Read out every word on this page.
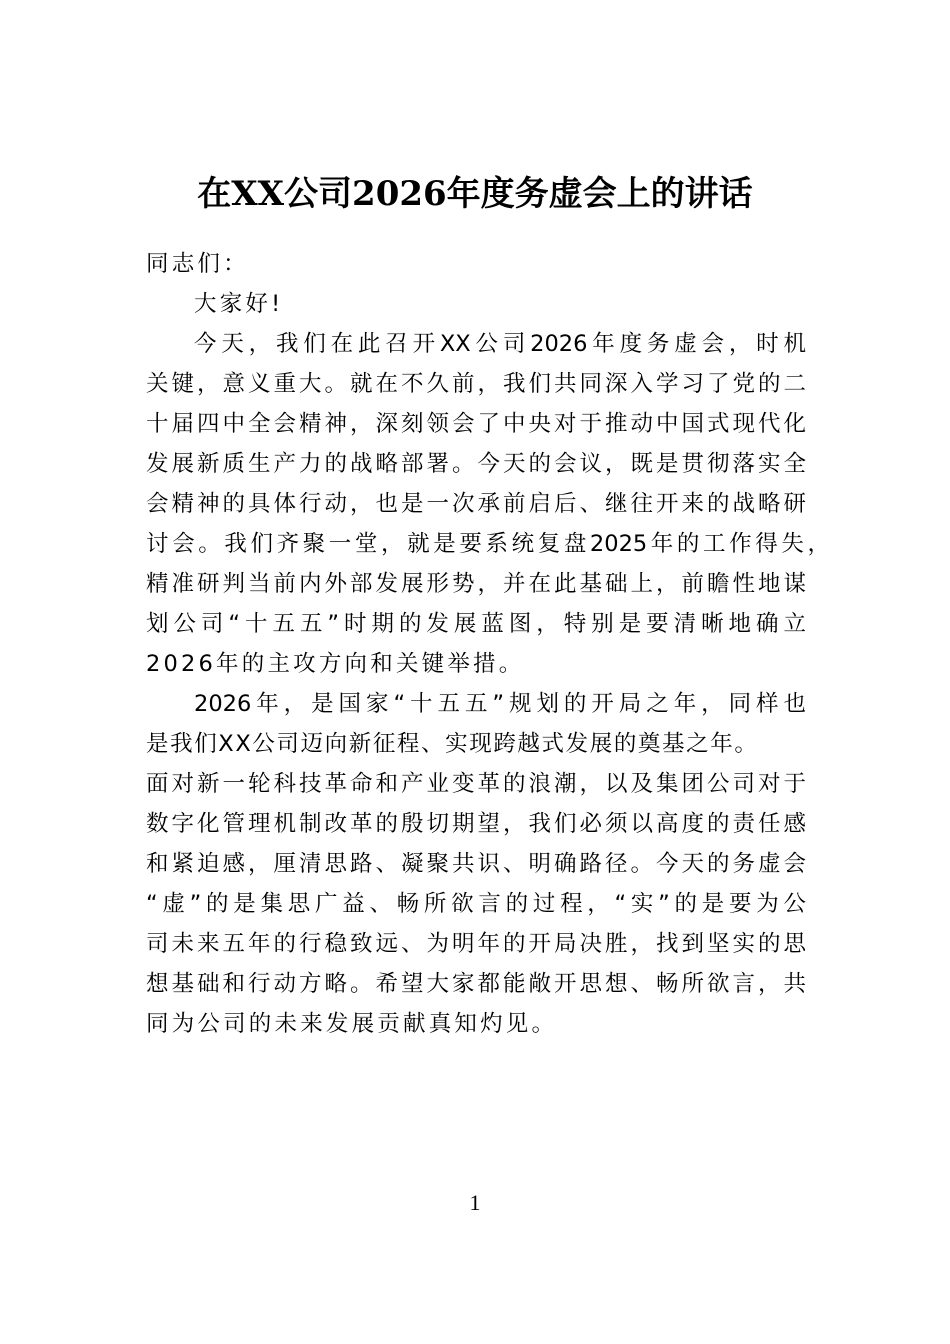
在XX公司2026年度务虚会上的讲话
同志们：
大家好!
今天，我们在此召开XX公司2026年度务虚会，时机
关键，意义重大。就在不久前，我们共同深入学习了党的二
十届四中全会精神，深刻领会了中央对于推动中国式现代化
发展新质生产力的战略部署。今天的会议，既是贯彻落实全
会精神的具体行动，也是一次承前启后、继往开来的战略研
讨会。我们齐聚一堂，就是要系统复盘2025年的工作得失，
精准研判当前内外部发展形势，并在此基础上，前瞻性地谋
划公司“十五五”时期的发展蓝图，特别是要清晰地确立
2026年的主攻方向和关键举措。
2026年，是国家“十五五”规划的开局之年，同样也
是我们XX公司迈向新征程、实现跨越式发展的奠基之年。
面对新一轮科技革命和产业变革的浪潮，以及集团公司对于
数字化管理机制改革的殷切期望，我们必须以高度的责任感
和紧迫感，厘清思路、凝聚共识、明确路径。今天的务虚会
“虚”的是集思广益、畅所欲言的过程，“实”的是要为公
司未来五年的行稳致远、为明年的开局决胜，找到坚实的思
想基础和行动方略。希望大家都能敞开思想、畅所欲言，共
同为公司的未来发展贡献真知灼见。
1
